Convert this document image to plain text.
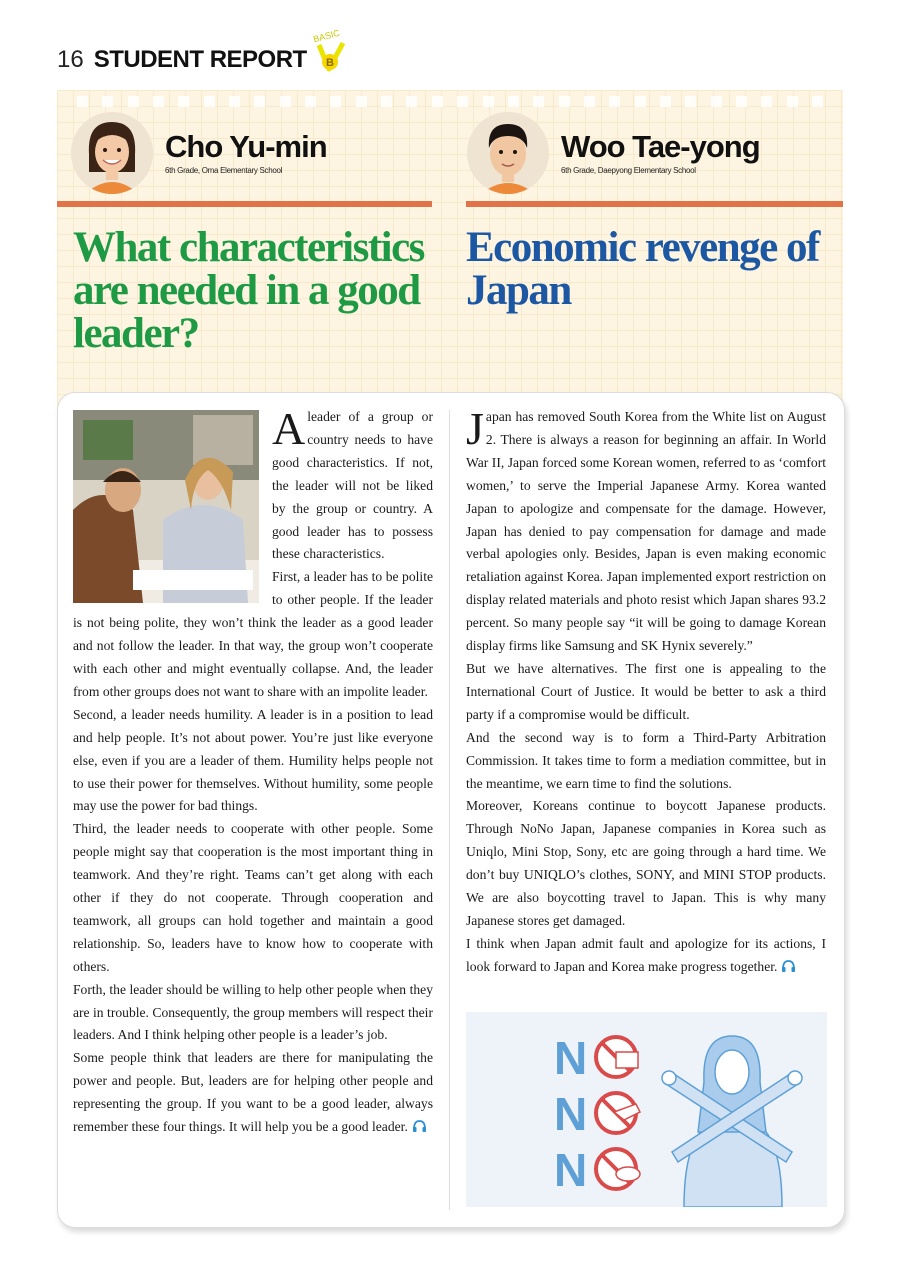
16 STUDENT REPORT
BASIC
B
Cho Yu-min
6th Grade, Oma Elementary School
Woo Tae-yong
6th Grade, Daepyong Elementary School
What characteristics are needed in a good leader?
Economic revenge of Japan

Aleader of a group or country needs to have good characteristics. If not, the leader will not be liked by the group or country. A good leader has to possess these characteristics.

First, a leader has to be polite to other people. If the leader is not being polite, they won’t think the leader as a good leader and not follow the leader. In that way, the group won’t cooperate with each other and might eventually collapse. And, the leader from other groups does not want to share with an impolite leader.

Second, a leader needs humility. A leader is in a position to lead and help people. It’s not about power. You’re just like everyone else, even if you are a leader of them. Humility helps people not to use their power for themselves. Without humility, some people may use the power for bad things.

Third, the leader needs to cooperate with other people. Some people might say that cooperation is the most important thing in teamwork. And they’re right. Teams can’t get along with each other if they do not cooperate. Through cooperation and teamwork, all groups can hold together and maintain a good relationship. So, leaders have to know how to cooperate with others.

Forth, the leader should be willing to help other people when they are in trouble. Consequently, the group members will respect their leaders. And I think helping other people is a leader’s job.

Some people think that leaders are there for manipulating the power and people. But, leaders are for helping other people and representing the group. If you want to be a good leader, always remember these four things. It will help you be a good leader.

Japan has removed South Korea from the White list on August 2. There is always a reason for beginning an affair. In World War II, Japan forced some Korean women, referred to as ‘comfort women,’ to serve the Imperial Japanese Army. Korea wanted Japan to apologize and compensate for the damage. However, Japan has denied to pay compensation for damage and made verbal apologies only. Besides, Japan is even making economic retaliation against Korea. Japan implemented export restriction on display related materials and photo resist which Japan shares 93.2 percent. So many people say “it will be going to damage Korean display firms like Samsung and SK Hynix severely.”

But we have alternatives. The first one is appealing to the International Court of Justice. It would be better to ask a third party if a compromise would be difficult.

And the second way is to form a Third-Party Arbitration Commission. It takes time to form a mediation committee, but in the meantime, we earn time to find the solutions.

Moreover, Koreans continue to boycott Japanese products. Through NoNo Japan, Japanese companies in Korea such as Uniqlo, Mini Stop, Sony, etc are going through a hard time. We don’t buy UNIQLO’s clothes, SONY, and MINI STOP products. We are also boycotting travel to Japan. This is why many Japanese stores get damaged.

I think when Japan admit fault and apologize for its actions, I look forward to Japan and Korea make progress together.

N
N
N
